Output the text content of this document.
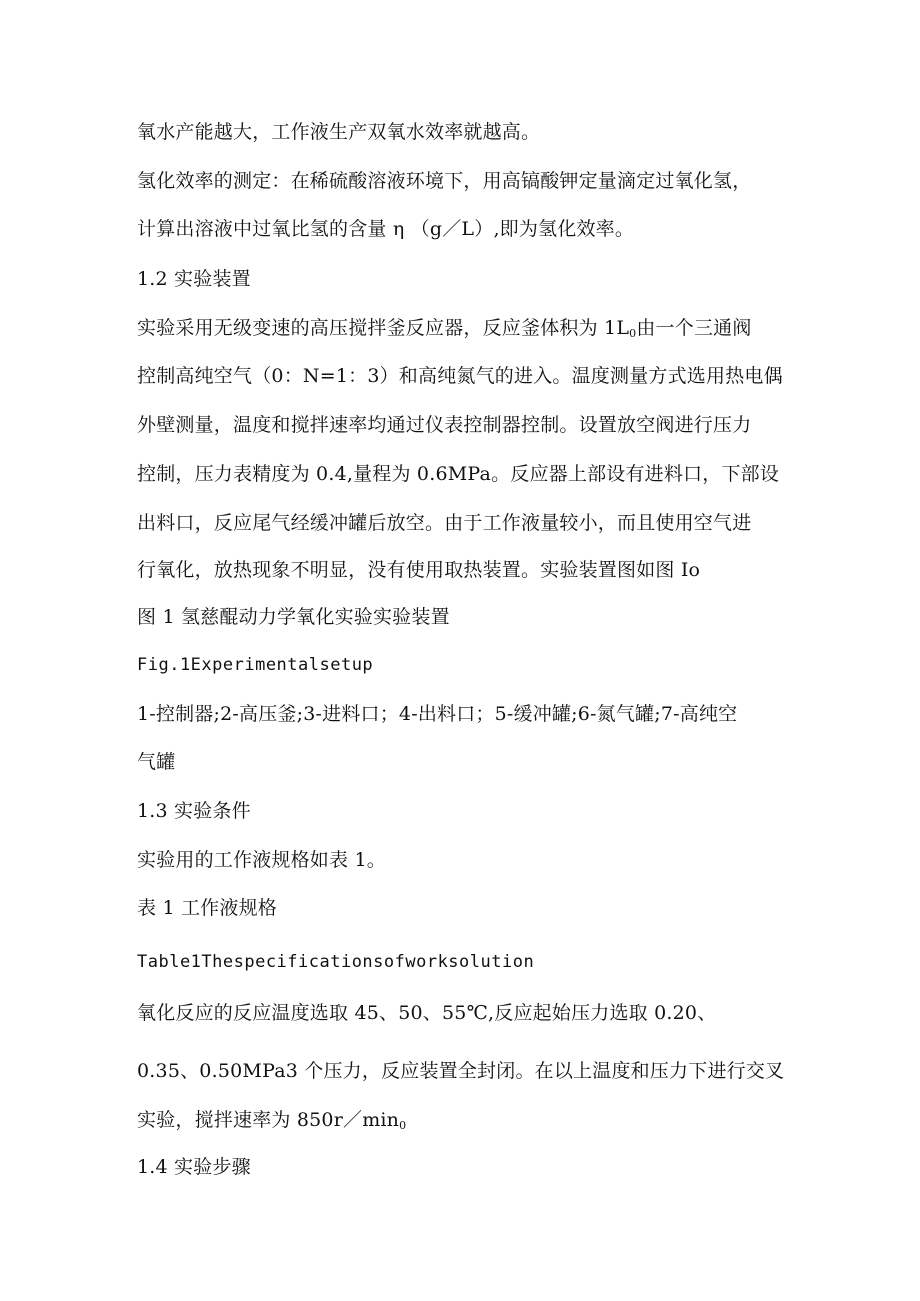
氧水产能越大，工作液生产双氧水效率就越高。
氢化效率的测定：在稀硫酸溶液环境下，用高镐酸钾定量滴定过氧化氢，
计算出溶液中过氧比氢的含量 η （g／L）,即为氢化效率。
1.2 实验装置
实验采用无级变速的高压搅拌釜反应器，反应釜体积为 $1L_0$由一个三通阀
控制高纯空气（0：N=1：3）和高纯氮气的进入。温度测量方式选用热电偶
外壁测量，温度和搅拌速率均通过仪表控制器控制。设置放空阀进行压力
控制，压力表精度为 0.4,量程为 0.6MPa。反应器上部设有进料口，下部设
出料口，反应尾气经缓冲罐后放空。由于工作液量较小，而且使用空气进
行氧化，放热现象不明显，没有使用取热装置。实验装置图如图 Io
图 1 氢慈醌动力学氧化实验实验装置
Fig.1Experimentalsetup
1-控制器;2-高压釜;3-进料口；4-出料口；5-缓冲罐;6-氮气罐;7-高纯空
气罐
1.3 实验条件
实验用的工作液规格如表 1。
表 1 工作液规格
Table1Thespecificationsofworksolution
氧化反应的反应温度选取 45、50、55℃,反应起始压力选取 0.20、
0.35、0.50MPa3 个压力，反应装置全封闭。在以上温度和压力下进行交叉
实验，搅拌速率为 $850r/\min_0$
1.4 实验步骤
